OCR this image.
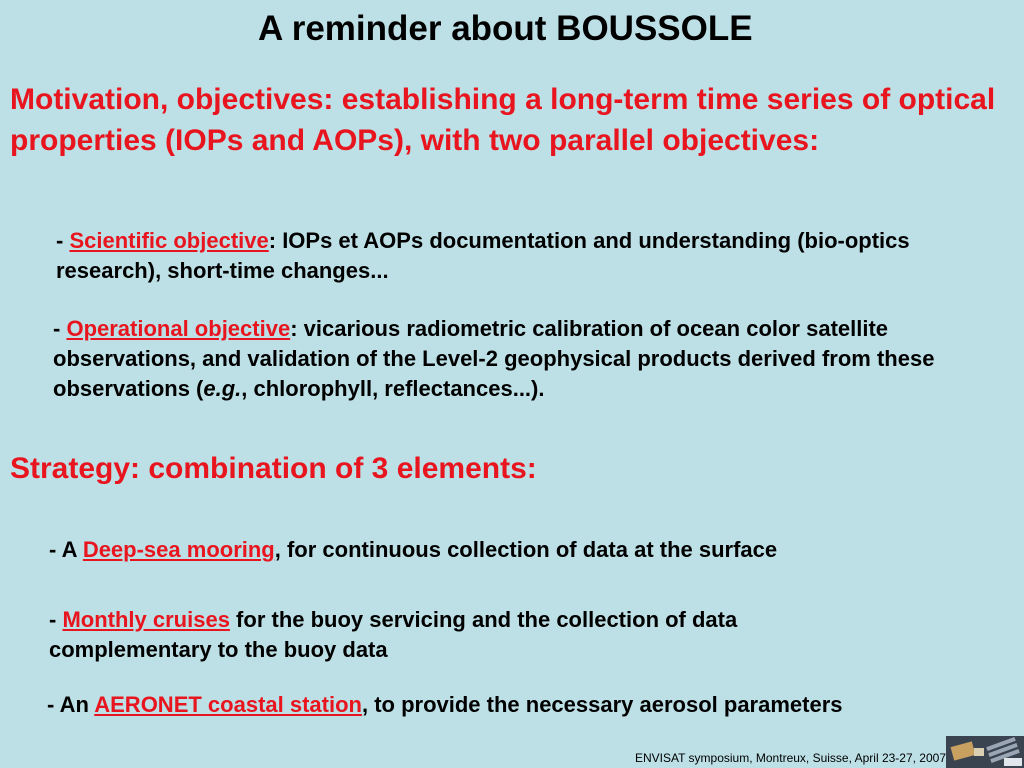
A reminder about BOUSSOLE

Motivation, objectives: establishing a long-term time series of optical properties (IOPs and AOPs), with two parallel objectives:

- Scientific objective: IOPs et AOPs documentation and understanding (bio-optics research), short-time changes...

- Operational objective: vicarious radiometric calibration of ocean color satellite observations, and validation of the Level-2 geophysical products derived from these observations (e.g., chlorophyll, reflectances...).

Strategy: combination of 3 elements:

- A Deep-sea mooring, for continuous collection of data at the surface

- Monthly cruises for the buoy servicing and the collection of data complementary to the buoy data

- An AERONET coastal station, to provide the necessary aerosol parameters

ENVISAT symposium, Montreux, Suisse, April 23-27, 2007
